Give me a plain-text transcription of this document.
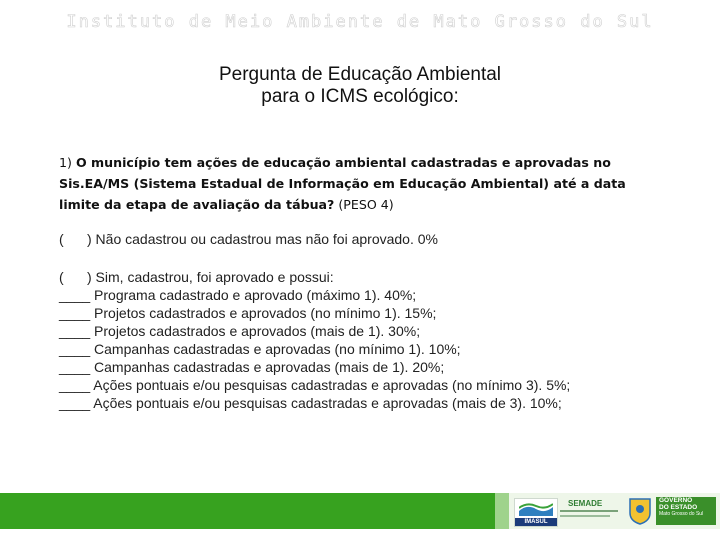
Instituto de Meio Ambiente de Mato Grosso do Sul
Pergunta de Educação Ambiental
para o ICMS ecológico:
1) O município tem ações de educação ambiental cadastradas e aprovadas no Sis.EA/MS (Sistema Estadual de Informação em Educação Ambiental) até a data limite da etapa de avaliação da tábua? (PESO 4)
( ) Não cadastrou ou cadastrou mas não foi aprovado. 0%
( ) Sim, cadastrou, foi aprovado e possui:
____ Programa cadastrado e aprovado (máximo 1). 40%;
____ Projetos cadastrados e aprovados (no mínimo 1). 15%;
____ Projetos cadastrados e aprovados (mais de 1). 30%;
____ Campanhas cadastradas e aprovadas (no mínimo 1). 10%;
____ Campanhas cadastradas e aprovadas (mais de 1). 20%;
____ Ações pontuais e/ou pesquisas cadastradas e aprovadas (no mínimo 3). 5%;
____ Ações pontuais e/ou pesquisas cadastradas e aprovadas (mais de 3). 10%;
IMASUL
SEMADE	GOVERNO
DO ESTADO
Mato Grosso do Sul
